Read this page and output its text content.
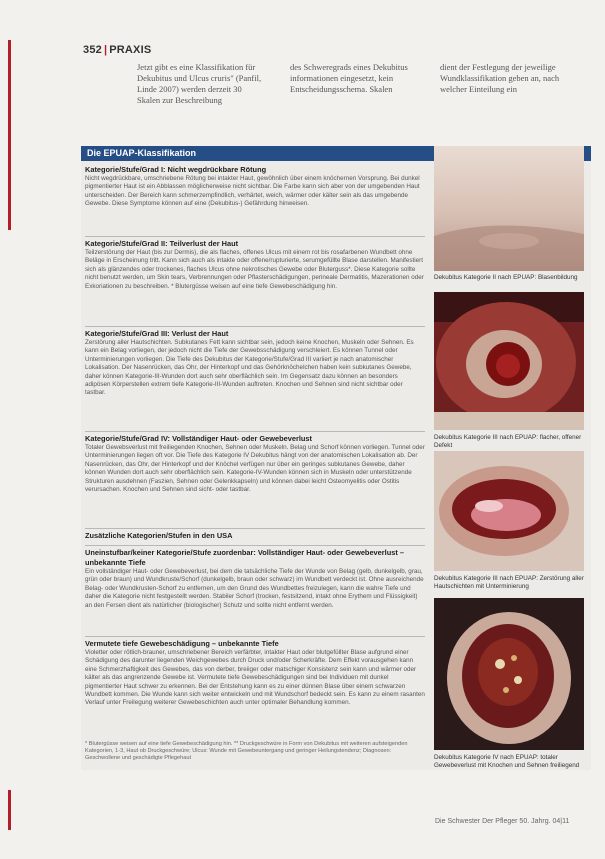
352 | PRAXIS
Jetzt gibt es eine Klassifikation für Dekubitus und Ulcus cruris" (Panfil, Linde 2007) werden derzeit 30 Skalen zur Beschreibung
des Schweregrads eines Dekubitus informationen eingesetzt, kein Entscheidungsschema. Skalen
dient der Festlegung der jeweilige Wundklassifikation geben an, nach welcher Einteilung ein
Die EPUAP-Klassifikation
Kategorie/Stufe/Grad I: Nicht wegdrückbare Rötung

Nicht wegdrückbare, umschriebene Rötung bei intakter Haut, gewöhnlich über einem knöchernen Vorsprung. Bei dunkel pigmentierter Haut ist ein Abblassen möglicherweise nicht sichtbar. Die Farbe kann sich aber von der umgebenden Haut unterscheiden. Der Bereich kann schmerzempfindlich, verhärtet, weich, wärmer oder kälter sein als das umgebende Gewebe. Diese Symptome können auf eine (Dekubitus-) Gefährdung hinweisen.

Kategorie/Stufe/Grad II: Teilverlust der Haut

Teilzerstörung der Haut (bis zur Dermis), die als flaches, offenes Ulcus mit einem rot bis rosafarbenen Wundbett ohne Beläge in Erscheinung tritt. Kann sich auch als intakte oder offene/rupturierte, serumgefüllte Blase darstellen. Manifestiert sich als glänzendes oder trockenes, flaches Ulcus ohne nekrotisches Gewebe oder Bluterguss*. Diese Kategorie sollte nicht benutzt werden, um Skin tears, Verbrennungen oder Pflasterschädigungen, perineale Dermatitis, Mazerationen oder Exkoriationen zu beschreiben. * Blutergüsse weisen auf eine tiefe Gewebeschädigung hin.

Kategorie/Stufe/Grad III: Verlust der Haut

Zerstörung aller Hautschichten. Subkutanes Fett kann sichtbar sein, jedoch keine Knochen, Muskeln oder Sehnen. Es kann ein Belag vorliegen, der jedoch nicht die Tiefe der Gewebsschädigung verschleiert. Es können Tunnel oder Unterminierungen vorliegen. Die Tiefe des Dekubitus der Kategorie/Stufe/Grad III variiert je nach anatomischer Lokalisation. Der Nasenrücken, das Ohr, der Hinterkopf und das Gehörknöchelchen haben kein subkutanes Gewebe, daher können Kategorie-III-Wunden dort auch sehr oberflächlich sein. Im Gegensatz dazu können an besonders adipösen Körperstellen extrem tiefe Kategorie-III-Wunden auftreten. Knochen und Sehnen sind nicht sichtbar oder tastbar.

Kategorie/Stufe/Grad IV: Vollständiger Haut- oder Gewebeverlust

Totaler Gewebsverlust mit freiliegenden Knochen, Sehnen oder Muskeln. Belag und Schorf können vorliegen. Tunnel oder Unterminierungen liegen oft vor. Die Tiefe des Kategorie IV Dekubitus hängt von der anatomischen Lokalisation ab. Der Nasenrücken, das Ohr, der Hinterkopf und der Knöchel verfügen nur über ein geringes subkutanes Gewebe, daher können Wunden dort auch sehr oberflächlich sein. Kategorie-IV-Wunden können sich in Muskeln oder unterstützende Strukturen ausdehnen (Faszien, Sehnen oder Gelenkkapseln) und können dabei leicht Osteomyelitis oder Ostitis verursachen. Knochen und Sehnen sind sicht- oder tastbar.

Zusätzliche Kategorien/Stufen in den USA
Uneinstufbar/keiner Kategorie/Stufe zuordenbar: Vollständiger Haut- oder Gewebeverlust – unbekannte Tiefe

Ein vollständiger Haut- oder Gewebeverlust, bei dem die tatsächliche Tiefe der Wunde von Belag (gelb, dunkelgelb, grau, grün oder braun) und Wundkruste/Schorf (dunkelgelb, braun oder schwarz) im Wundbett verdeckt ist. Ohne ausreichende Belag- oder Wundkrusten-Schorf zu entfernen, um den Grund des Wundbettes freizulegen, kann die wahre Tiefe und daher die Kategorie nicht festgestellt werden. Stabiler Schorf (trocken, festsitzend, intakt ohne Erythem und Flüssigkeit) an den Fersen dient als natürlicher (biologischer) Schutz und sollte nicht entfernt werden.

Vermutete tiefe Gewebeschädigung – unbekannte Tiefe

Violetter oder rötlich-brauner, umschriebener Bereich verfärbter, intakter Haut oder blutgefüllter Blase aufgrund einer Schädigung des darunter liegenden Weichgewebes durch Druck und/oder Scherkräfte. Dem Effekt vorausgehen kann eine Schmerzhaftigkeit des Gewebes, das von derber, breiiger oder matschiger Konsistenz sein kann und wärmer oder kälter als das angrenzende Gewebe ist. Vermutete tiefe Gewebeschädigungen sind bei Individuen mit dunkel pigmentierter Haut schwer zu erkennen. Bei der Entstehung kann es zu einer dünnen Blase über einem schwarzen Wundbett kommen. Die Wunde kann sich weiter entwickeln und mit Wundschorf bedeckt sein. Es kann zu einem rasanten Verlauf unter Freilegung weiterer Gewebeschichten auch unter optimaler Behandlung kommen.

* Blutergüsse weisen auf eine tiefe Gewebeschädigung hin. ** Druckgeschwüre in Form von Dekubitus mit weiteren aufsteigenden Kategorien, 1-3, Haut ob Druckgeschwüre; Ulcus: Wunde mit Gewebeuntergang und geringer Heilungstendenz; Diagnosen: Geschwollene und geschädigte Pflegehaut
Dekubitus Kategorie II nach EPUAP: Blasenbildung
Dekubitus Kategorie III nach EPUAP: flacher, offener Defekt
Dekubitus Kategorie III nach EPUAP: Zerstörung aller Hautschichten mit Unterminierung
Dekubitus Kategorie IV nach EPUAP: totaler Gewebeverlust mit Knochen und Sehnen freiliegend
Die Schwester Der Pfleger 50. Jahrg. 04|11
